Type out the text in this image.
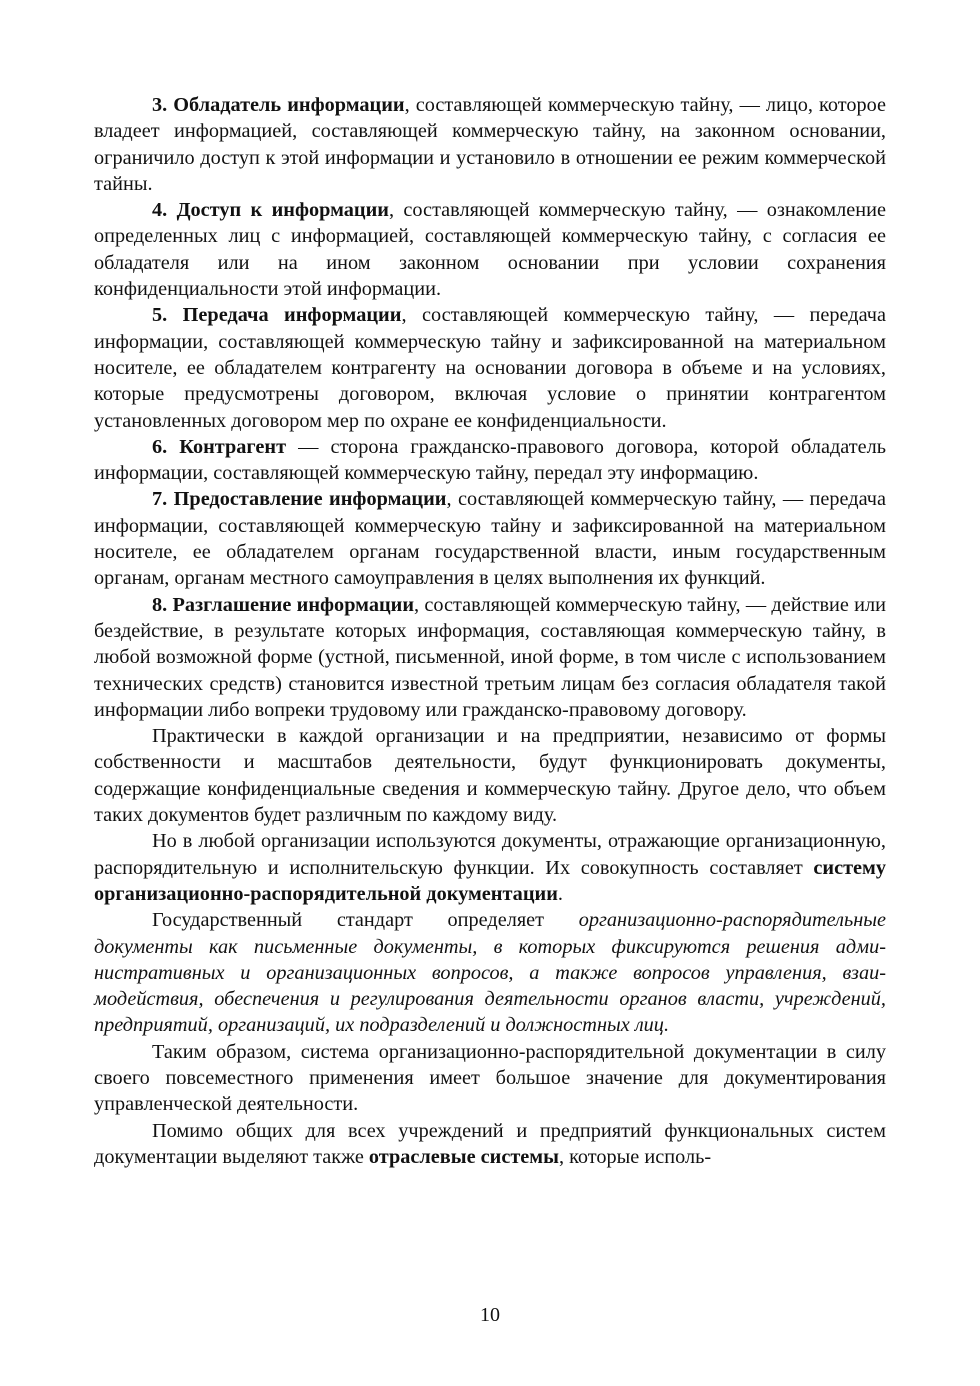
3. Обладатель информации, составляющей коммерческую тайну, — лицо, которое владеет информацией, составляющей коммерческую тайну, на законном основании, ограничило доступ к этой информации и установило в отношении ее режим коммерческой тайны.

4. Доступ к информации, составляющей коммерческую тайну, — ознакомление определенных лиц с информацией, составляющей коммерческую тайну, с согласия ее обладателя или на ином законном основании при условии сохранения конфиденциальности этой информации.

5. Передача информации, составляющей коммерческую тайну, — передача информации, составляющей коммерческую тайну и зафиксированной на материальном носителе, ее обладателем контрагенту на основании договора в объеме и на условиях, которые предусмотрены договором, включая условие о принятии контрагентом установленных договором мер по охране ее конфиденциальности.

6. Контрагент — сторона гражданско-правового договора, которой обладатель информации, составляющей коммерческую тайну, передал эту информацию.

7. Предоставление информации, составляющей коммерческую тайну, — передача информации, составляющей коммерческую тайну и зафиксированной на материальном носителе, ее обладателем органам государственной власти, иным государственным органам, органам местного самоуправления в целях выполнения их функций.

8. Разглашение информации, составляющей коммерческую тайну, — действие или бездействие, в результате которых информация, составляющая коммерческую тайну, в любой возможной форме (устной, письменной, иной форме, в том числе с использованием технических средств) становится известной третьим лицам без согласия обладателя такой информации либо вопреки трудовому или гражданско-правовому договору.

Практически в каждой организации и на предприятии, независимо от формы собственности и масштабов деятельности, будут функционировать документы, содержащие конфиденциальные сведения и коммерческую тайну. Другое дело, что объем таких документов будет различным по каждому виду.

Но в любой организации используются документы, отражающие организационную, распорядительную и исполнительскую функции. Их совокупность составляет систему организационно-распорядительной документации.

Государственный стандарт определяет организационно-распорядительные документы как письменные документы, в которых фиксируются решения административных и организационных вопросов, а также вопросов управления, взаимодействия, обеспечения и регулирования деятельности органов власти, учреждений, предприятий, организаций, их подразделений и должностных лиц.

Таким образом, система организационно-распорядительной документации в силу своего повсеместного применения имеет большое значение для документирования управленческой деятельности.

Помимо общих для всех учреждений и предприятий функциональных систем документации выделяют также отраслевые системы, которые исполь-

10
